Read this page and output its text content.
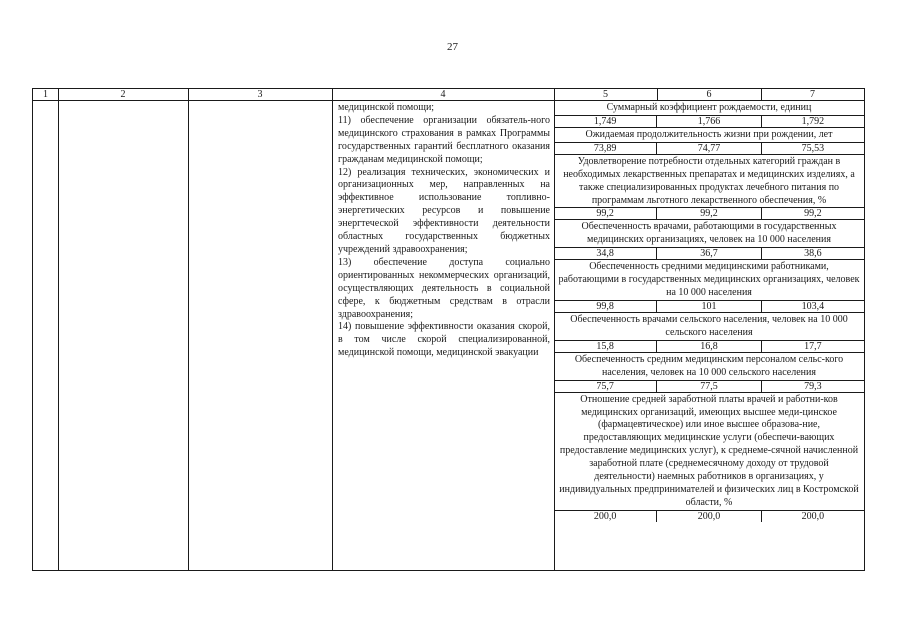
27
1	2	3	4	5	6	7
медицинской помощи;
11) обеспечение организации обязатель-ного медицинского страхования в рамках Программы государственных гарантий бесплатного оказания гражданам медицинской помощи;
12) реализация технических, экономических и организационных мер, направленных на эффективное использование топливно-энергетических ресурсов и повышение энергтеческой эффективности деятельности областных государственных бюджетных учреждений здравоохранения;
13) обеспечение доступа социально ориентированных некоммерческих организаций, осуществляющих деятельность в социальной сфере, к бюджетным средствам в отрасли здравоохранения;
14) повышение эффективности оказания скорой, в том числе скорой специализированной, медицинской помощи, медицинской эвакуации
Суммарный коэффициент рождаемости, единиц
1,749	1,766	1,792
Ожидаемая продолжительность жизни при рождении, лет
73,89	74,77	75,53
Удовлетворение потребности отдельных категорий граждан в необходимых лекарственных препаратах и медицинских изделиях, а также специализированных продуктах лечебного питания по программам льготного лекарственного обеспечения, %
99,2	99,2	99,2
Обеспеченность врачами, работающими в государственных медицинских организациях, человек на 10 000 населения
34,8	36,7	38,6
Обеспеченность средними медицинскими работниками, работающими в государственных медицинских организациях, человек на 10 000 населения
99,8	101	103,4
Обеспеченность врачами сельского населения, человек на 10 000 сельского населения
15,8	16,8	17,7
Обеспеченность средним медицинским персоналом сельс-кого населения, человек на 10 000 сельского населения
75,7	77,5	79,3
Отношение средней заработной платы врачей и работни-ков медицинских организаций, имеющих высшее меди-цинское (фармацевтическое) или иное высшее образова-ние, предоставляющих медицинские услуги (обеспечи-вающих предоставление медицинских услуг), к среднеме-сячной начисленной заработной плате (среднемесячному доходу от трудовой деятельности) наемных работников в организациях, у индивидуальных предпринимателей и физических лиц в Костромской области, %
200,0	200,0	200,0
